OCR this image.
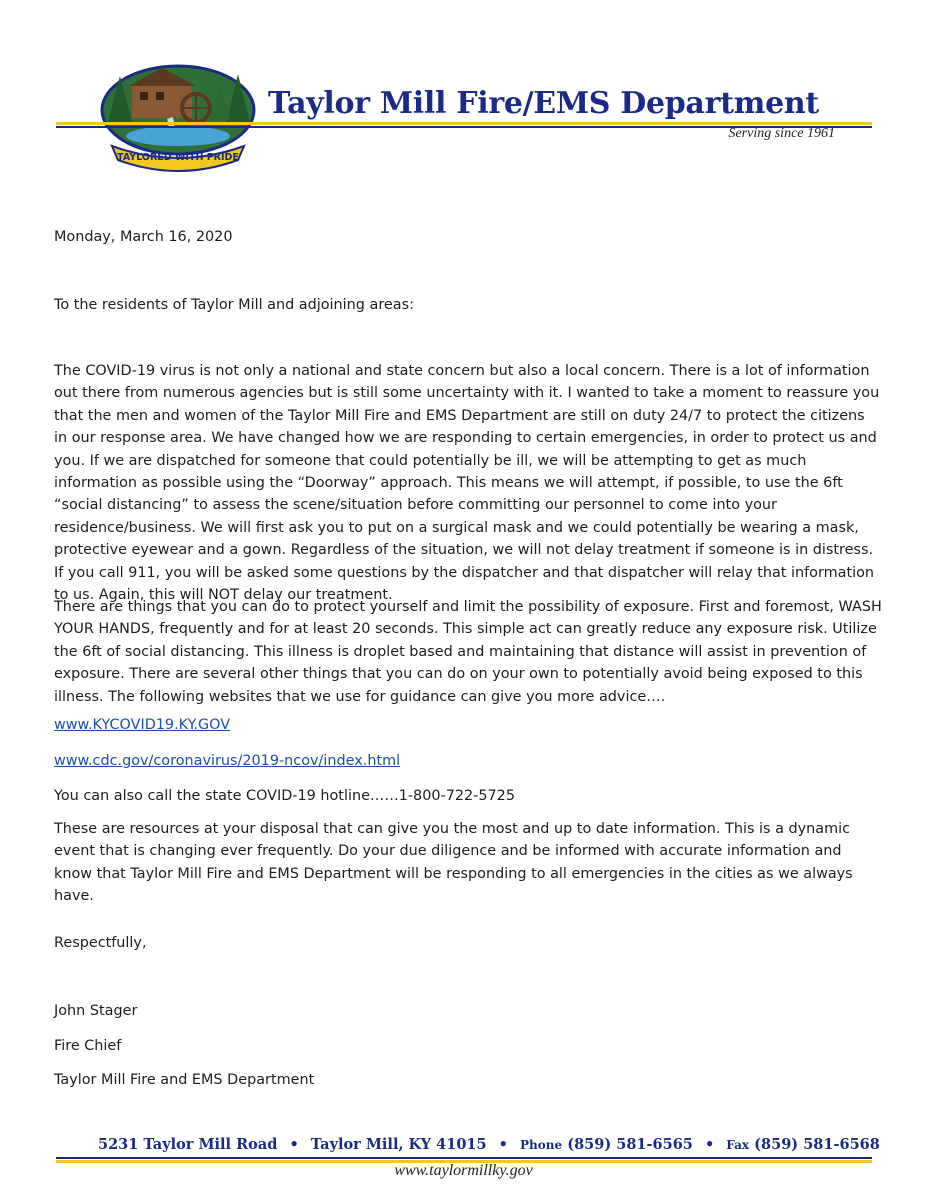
TAYLORED WITH PRIDE
Taylor Mill Fire/EMS Department
Serving since 1961
Monday, March 16, 2020
To the residents of Taylor Mill and adjoining areas:

The COVID-19 virus is not only a national and state concern but also a local concern. There is a lot of information out there from numerous agencies but is still some uncertainty with it. I wanted to take a moment to reassure you that the men and women of the Taylor Mill Fire and EMS Department are still on duty 24/7 to protect the citizens in our response area. We have changed how we are responding to certain emergencies, in order to protect us and you. If we are dispatched for someone that could potentially be ill, we will be attempting to get as much information as possible using the “Doorway” approach. This means we will attempt, if possible, to use the 6ft “social distancing” to assess the scene/situation before committing our personnel to come into your residence/business. We will first ask you to put on a surgical mask and we could potentially be wearing a mask, protective eyewear and a gown. Regardless of the situation, we will not delay treatment if someone is in distress. If you call 911, you will be asked some questions by the dispatcher and that dispatcher will relay that information to us. Again, this will NOT delay our treatment.

There are things that you can do to protect yourself and limit the possibility of exposure. First and foremost, WASH YOUR HANDS, frequently and for at least 20 seconds. This simple act can greatly reduce any exposure risk. Utilize the 6ft of social distancing. This illness is droplet based and maintaining that distance will assist in prevention of exposure. There are several other things that you can do on your own to potentially avoid being exposed to this illness. The following websites that we use for guidance can give you more advice….

www.KYCOVID19.KY.GOV
www.cdc.gov/coronavirus/2019-ncov/index.html
You can also call the state COVID-19 hotline……1-800-722-5725

These are resources at your disposal that can give you the most and up to date information. This is a dynamic event that is changing ever frequently. Do your due diligence and be informed with accurate information and know that Taylor Mill Fire and EMS Department will be responding to all emergencies in the cities as we always have.

Respectfully,
John Stager
Fire Chief
Taylor Mill Fire and EMS Department
5231 Taylor Mill Road • Taylor Mill, KY 41015 • Phone (859) 581-6565 • Fax (859) 581-6568
www.taylormillky.gov
